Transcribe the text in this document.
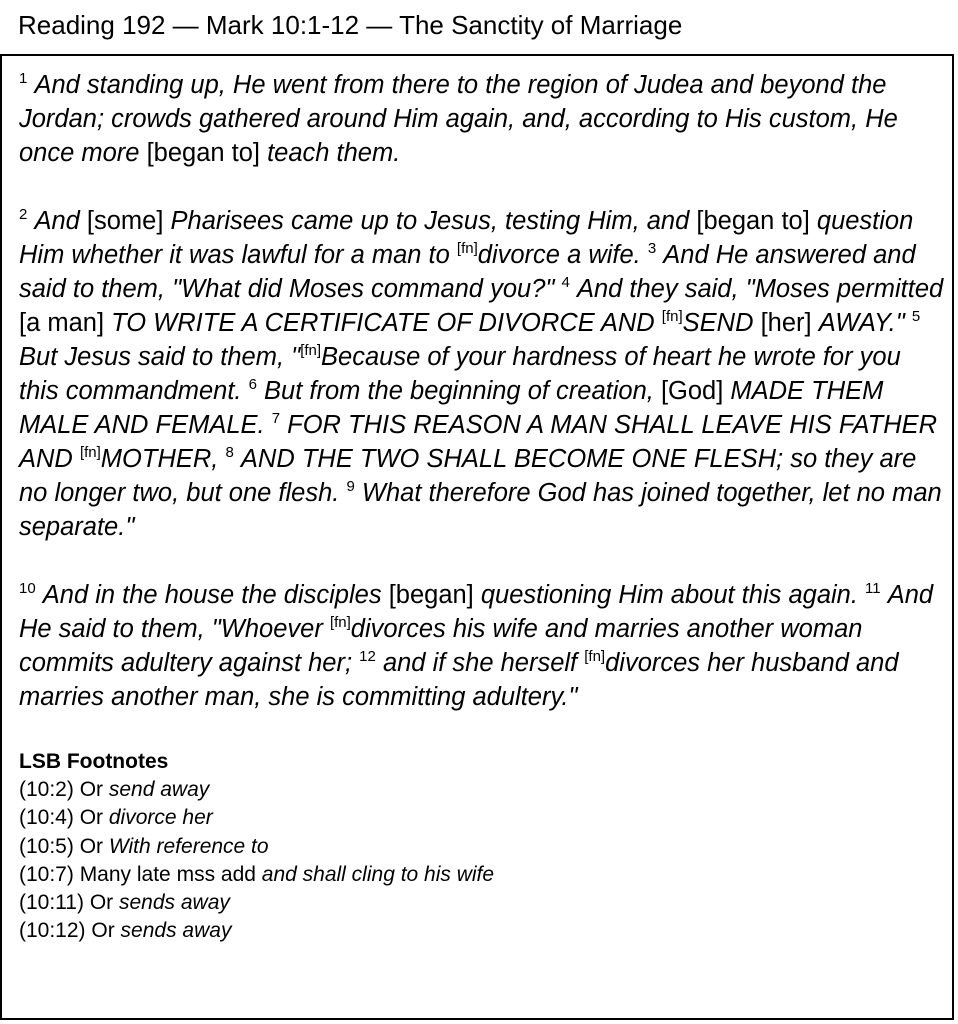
Reading 192 — Mark 10:1-12 — The Sanctity of Marriage

$^1$ And standing up, He went from there to the region of Judea and beyond the Jordan; crowds gathered around Him again, and, according to His custom, He once more [began to] teach them.

$^2$ And [some] Pharisees came up to Jesus, testing Him, and [began to] question Him whether it was lawful for a man to [fn]divorce a wife. $^3$ And He answered and said to them, "What did Moses command you?" $^4$ And they said, "Moses permitted [a man] TO WRITE A CERTIFICATE OF DIVORCE AND [fn]SEND [her] AWAY." $^5$ But Jesus said to them, "[fn]Because of your hardness of heart he wrote for you this commandment. $^6$ But from the beginning of creation, [God] MADE THEM MALE AND FEMALE. $^7$ FOR THIS REASON A MAN SHALL LEAVE HIS FATHER AND [fn]MOTHER, $^8$ AND THE TWO SHALL BECOME ONE FLESH; so they are no longer two, but one flesh. $^9$ What therefore God has joined together, let no man separate."

$^{10}$ And in the house the disciples [began] questioning Him about this again. $^{11}$ And He said to them, "Whoever [fn]divorces his wife and marries another woman commits adultery against her; $^{12}$ and if she herself [fn]divorces her husband and marries another man, she is committing adultery."

LSB Footnotes
(10:2) Or send away
(10:4) Or divorce her
(10:5) Or With reference to
(10:7) Many late mss add and shall cling to his wife
(10:11) Or sends away
(10:12) Or sends away
